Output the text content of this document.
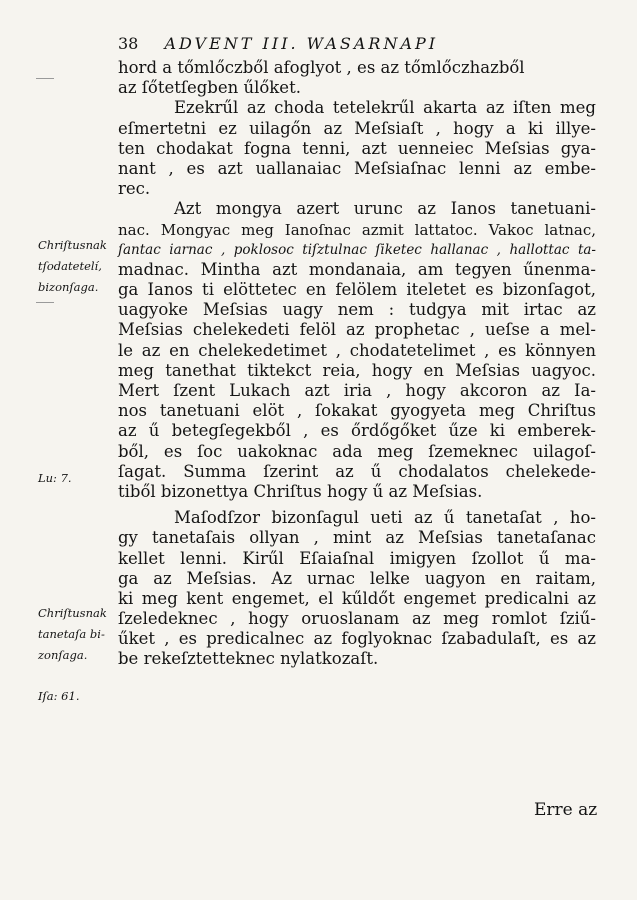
38 ADVENT III. WASARNAPI
hord a tőmlőczből afoglyot , es az tőmlőczhazből
az ſőtetſegben űlőket.
Ezekrűl az choda tetelekrűl akarta az iſten meg
eſmertetni ez uilagőn az Meſsiaſt , hogy a ki illye-
ten chodakat fogna tenni, azt uenneiec Meſsias gya-
nant , es azt uallanaiac Meſsiaſnac lenni az embe-
rec.
Azt mongya azert urunc az Ianos tanetuani-
nac. Mongyac meg Ianoſnac azmit lattatoc. Vakoc latnac,
ſantac iarnac , poklosoc tiſztulnac ſiketec hallanac , hallottac ta-
madnac. Mintha azt mondanaia, am tegyen űnenma-
ga Ianos ti elöttetec en felölem iteletet es bizonſagot,
uagyoke Meſsias uagy nem : tudgya mit irtac az
Meſsias chelekedeti felöl az prophetac , ueſse a mel-
le az en chelekedetimet , chodatetelimet , es könnyen
meg tanethat tiktekct reia, hogy en Meſsias uagyoc.
Mert ſzent Lukach azt iria , hogy akcoron az Ia-
nos tanetuani elöt , ſokakat gyogyeta meg Chriſtus
az ű betegſegekből , es őrdőgőket űze ki emberek-
ből, es ſoc uakoknac ada meg ſzemeknec uilagoſ-
ſagat. Summa ſzerint az ű chodalatos chelekede-
tiből bizonettya Chriſtus hogy ű az Meſsias.
Maſodſzor bizonſagul ueti az ű tanetaſat , ho-
gy tanetaſais ollyan , mint az Meſsias tanetaſanac
kellet lenni. Kirűl Eſaiaſnal imigyen ſzollot ű ma-
ga az Meſsias. Az urnac lelke uagyon en raitam,
ki meg kent engemet, el kűldőt engemet predicalni az
ſzeledeknec , hogy oruoslanam az meg romlot ſziű-
űket , es predicalnec az foglyoknac ſzabadulaſt, es az
be rekeſztetteknec nylatkozaſt.
Chriſtusnak
tſodatetelí,
bizonſaga.
Lu: 7.
Chriſtusnak
tanetaſa bi-
zonſaga.
Iſa: 61.
Erre az
